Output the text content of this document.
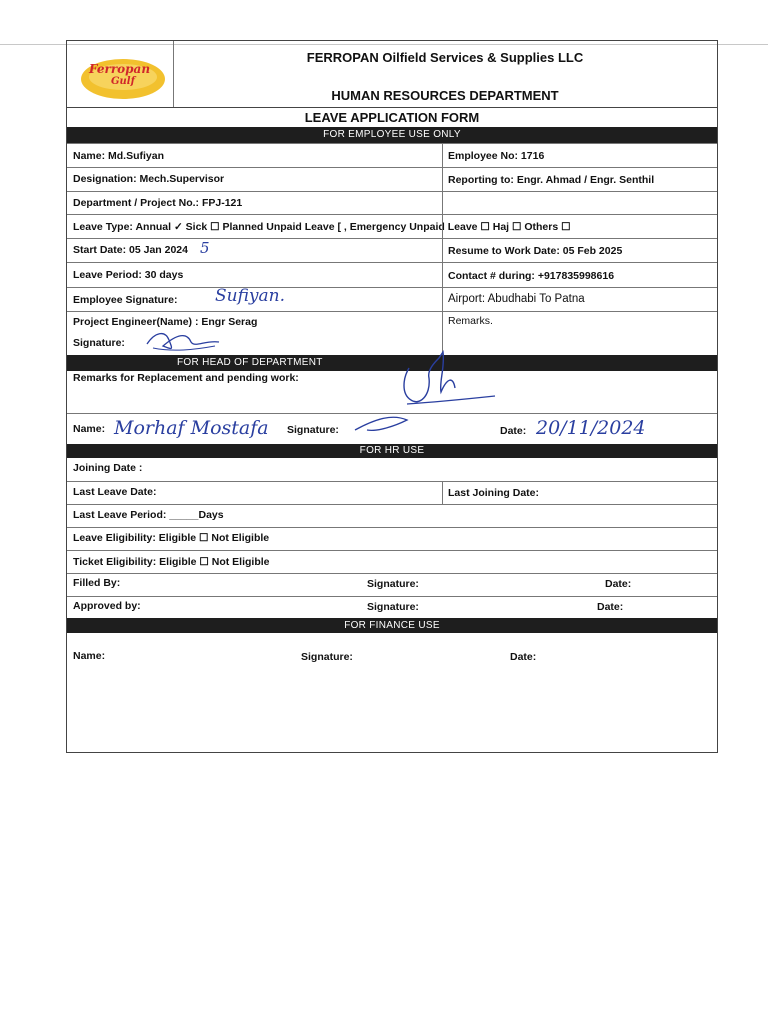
Ferropan
Gulf
FERROPAN Oilfield Services & Supplies LLC
HUMAN RESOURCES DEPARTMENT
LEAVE APPLICATION FORM
FOR EMPLOYEE USE ONLY
Name: Md.Sufiyan	Employee No: 1716
Designation: Mech.Supervisor	Reporting to: Engr. Ahmad / Engr. Senthil
Department / Project No.: FPJ-121
Leave Type: Annual ✓ Sick ☐ Planned Unpaid Leave [ , Emergency Unpaid Leave ☐ Haj ☐ Others ☐
Start Date: 05 Jan 2024 5	Resume to Work Date: 05 Feb 2025
Leave Period: 30 days	Contact # during: +917835998616
Employee Signature: Sufiyan.	Airport: Abudhabi To Patna
Project Engineer(Name) : Engr Serag	Remarks.
Signature:
FOR HEAD OF DEPARTMENT
Remarks for Replacement and pending work:
Name: Morhaf Mostafa Signature:	Date: 20/11/2024
FOR HR USE
Joining Date :
Last Leave Date:	Last Joining Date:
Last Leave Period: _____Days
Leave Eligibility: Eligible ☐ Not Eligible
Ticket Eligibility: Eligible ☐ Not Eligible
Filled By:	Signature:	Date:
Approved by:	Signature:	Date:
FOR FINANCE USE
Name:	Signature:	Date:
